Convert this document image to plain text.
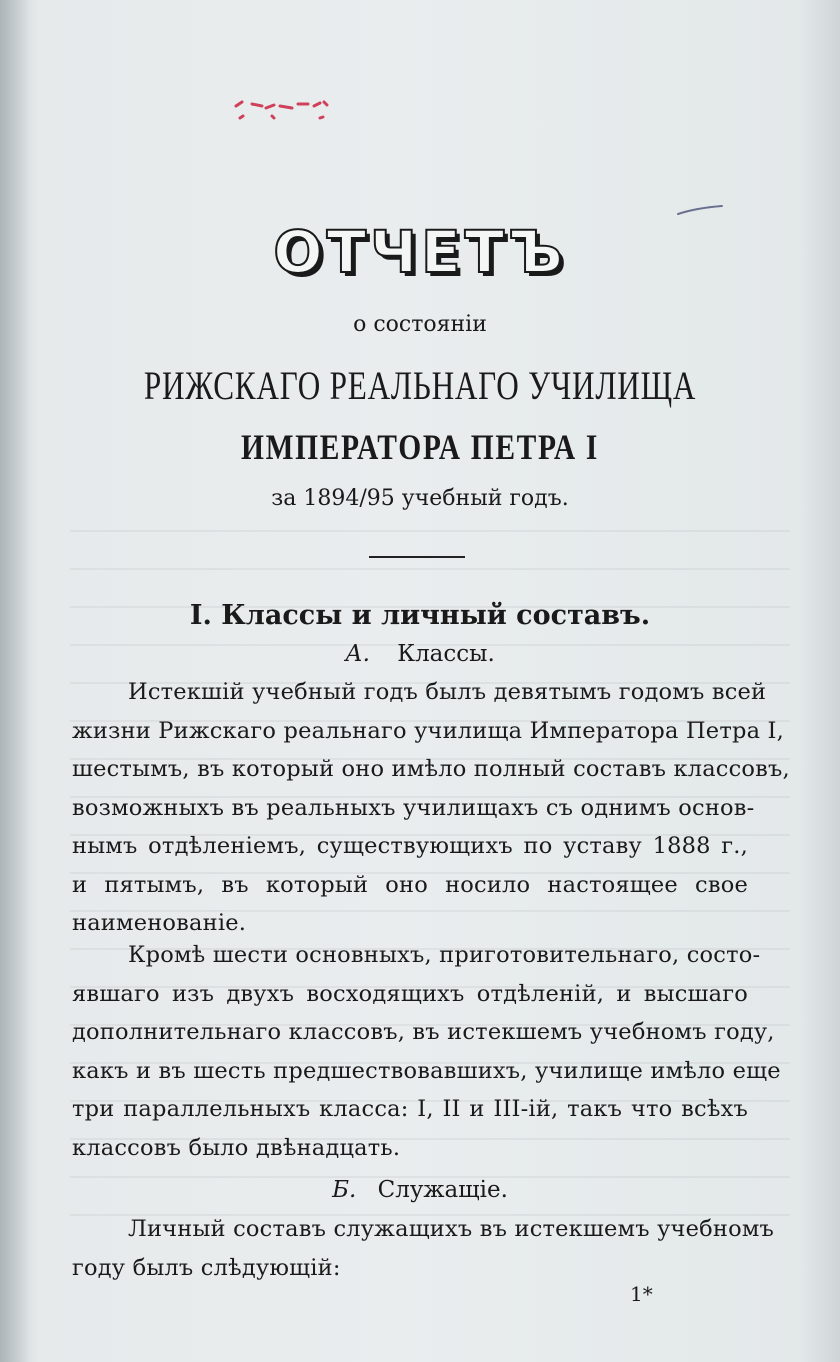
ОТЧЕТЪ
о состояніи
РИЖСКАГО РЕАЛЬНАГО УЧИЛИЩА
ИМПЕРАТОРА ПЕТРА I
за 1894/95 учебный годъ.
I. Классы и личный составъ.
А. Классы.
Истекшій учебный годъ былъ девятымъ годомъ всей
жизни Рижскаго реальнаго училища Императора Петра I,
шестымъ, въ который оно имѣло полный составъ классовъ,
возможныхъ въ реальныхъ училищахъ съ однимъ основ-
нымъ отдѣленіемъ, существующихъ по уставу 1888 г.,
и пятымъ, въ который оно носило настоящее свое
наименованіе.
Кромѣ шести основныхъ, приготовительнаго, состо-
явшаго изъ двухъ восходящихъ отдѣленій, и высшаго
дополнительнаго классовъ, въ истекшемъ учебномъ году,
какъ и въ шесть предшествовавшихъ, училище имѣло еще
три параллельныхъ класса: I, II и III-ій, такъ что всѣхъ
классовъ было двѣнадцать.
Б. Служащіе.
Личный составъ служащихъ въ истекшемъ учебномъ
году былъ слѣдующій:
1*
